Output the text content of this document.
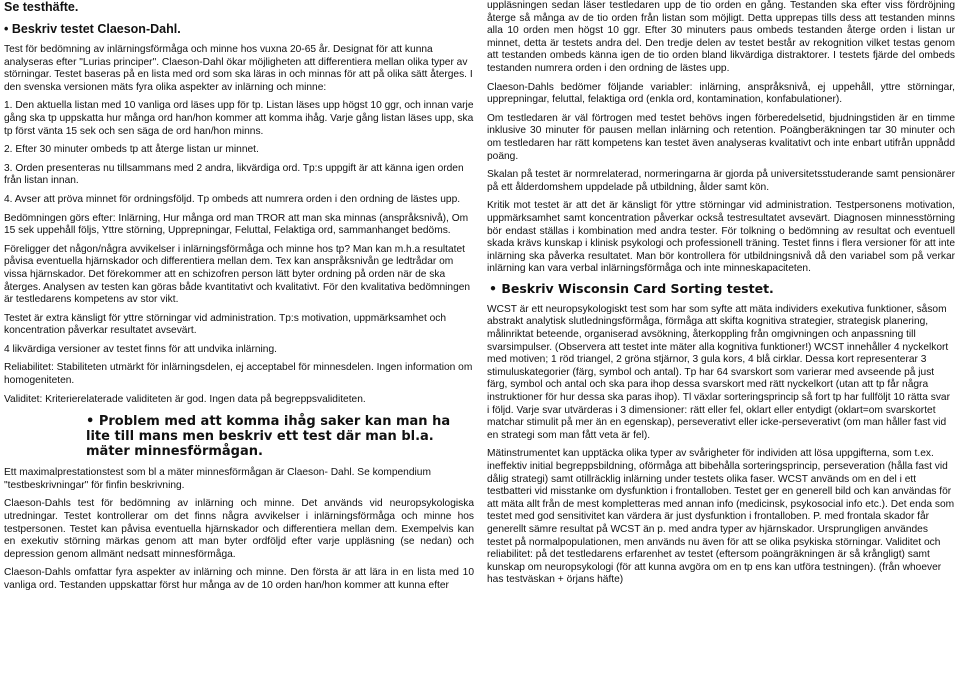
Se testhäfte.

• Beskriv testet Claeson-Dahl.

Test för bedömning av inlärningsförmåga och minne hos vuxna 20-65 år. Designat för att kunna analyseras efter "Lurias principer". Claeson-Dahl ökar möjligheten att differentiera mellan olika typer av störningar. Testet baseras på en lista med ord som ska läras in och minnas för att på olika sätt återges. I den svenska versionen mäts fyra olika aspekter av inlärning och minne:

1. Den aktuella listan med 10 vanliga ord läses upp för tp. Listan läses upp högst 10 ggr, och innan varje gång ska tp uppskatta hur många ord han/hon kommer att komma ihåg. Varje gång listan läses upp, ska tp först vänta 15 sek och sen säga de ord han/hon minns.

2. Efter 30 minuter ombeds tp att återge listan ur minnet.

3. Orden presenteras nu tillsammans med 2 andra, likvärdiga ord. Tp:s uppgift är att känna igen orden från listan innan.

4. Avser att pröva minnet för ordningsföljd. Tp ombeds att numrera orden i den ordning de lästes upp.

Bedömningen görs efter: Inlärning, Hur många ord man TROR att man ska minnas (anspråksnivå), Om 15 sek uppehåll följs, Yttre störning, Upprepningar, Feluttal, Felaktiga ord, sammanhanget bedöms.

Föreligger det någon/några avvikelser i inlärningsförmåga och minne hos tp? Man kan m.h.a resultatet påvisa eventuella hjärnskador och differentiera mellan dem. Tex kan anspråksnivån ge ledtrådar om vissa hjärnskador. Det förekommer att en schizofren person lätt byter ordning på orden när de ska återges. Analysen av testen kan göras både kvantitativt och kvalitativt. För den kvalitativa bedömningen är testledarens kompetens av stor vikt.

Testet är extra känsligt för yttre störningar vid administration. Tp:s motivation, uppmärksamhet och koncentration påverkar resultatet avsevärt.

4 likvärdiga versioner av testet finns för att undvika inlärning.

Reliabilitet: Stabiliteten utmärkt för inlärningsdelen, ej acceptabel för minnesdelen. Ingen information om homogeniteten.

Validitet: Kriterierelaterade validiteten är god. Ingen data på begreppsvaliditeten.

• Problem med att komma ihåg saker kan man ha lite till mans men beskriv ett test där man bl.a. mäter minnesförmågan.

Ett maximalprestationstest som bl a mäter minnesförmågan är Claeson- Dahl. Se kompendium "testbeskrivningar" för finfin beskrivning.

Claeson-Dahls test för bedömning av inlärning och minne. Det används vid neuropsykologiska utredningar. Testet kontrollerar om det finns några avvikelser i inlärningsförmåga och minne hos testpersonen. Testet kan påvisa eventuella hjärnskador och differentiera mellan dem. Exempelvis kan en exekutiv störning märkas genom att man byter ordföljd efter varje uppläsning (se nedan) och depression genom allmänt nedsatt minnesförmåga.

Claeson-Dahls omfattar fyra aspekter av inlärning och minne. Den första är att lära in en lista med 10 vanliga ord. Testanden uppskattar först hur många av de 10 orden han/hon kommer att kunna efter

uppläsningen sedan läser testledaren upp de tio orden en gång. Testanden ska efter viss fördröjning återge så många av de tio orden från listan som möjligt. Detta upprepas tills dess att testanden minns alla 10 orden men högst 10 ggr. Efter 30 minuters paus ombeds testanden återge orden i listan ur minnet, detta är testets andra del. Den tredje delen av testet består av rekognition vilket testas genom att testanden ombeds känna igen de tio orden bland likvärdiga distraktorer. I testets fjärde del ombeds testanden numrera orden i den ordning de lästes upp.

Claeson-Dahls bedömer följande variabler: inlärning, anspråksnivå, ej uppehåll, yttre störningar, upprepningar, feluttal, felaktiga ord (enkla ord, kontamination, konfabulationer).

Om testledaren är väl förtrogen med testet behövs ingen förberedelsetid, bjudningstiden är en timme inklusive 30 minuter för pausen mellan inlärning och retention. Poängberäkningen tar 30 minuter och om testledaren har rätt kompetens kan testet även analyseras kvalitativt och inte enbart utifrån uppnådd poäng.

Skalan på testet är normrelaterad, normeringarna är gjorda på universitetsstuderande samt pensionärer på ett ålderdomshem uppdelade på utbildning, ålder samt kön.

Kritik mot testet är att det är känsligt för yttre störningar vid administration. Testpersonens motivation, uppmärksamhet samt koncentration påverkar också testresultatet avsevärt. Diagnosen minnesstörning bör endast ställas i kombination med andra tester. För tolkning o bedömning av resultat och eventuell skada krävs kunskap i klinisk psykologi och professionell träning. Testet finns i flera versioner för att inte inlärning ska påverka resultatet. Man bör kontrollera för utbildningsnivå då den variabel som på verkar inlärning kan vara verbal inlärningsförmåga och inte minneskapaciteten.

• Beskriv Wisconsin Card Sorting testet.

WCST är ett neuropsykologiskt test som har som syfte att mäta individers exekutiva funktioner, såsom abstrakt analytisk slutledningsförmåga, förmåga att skifta kognitiva strategier, strategisk planering, målinriktat beteende, organiserad avsökning, återkoppling från omgivningen och anpassning till svarsimpulser. (Observera att testet inte mäter alla kognitiva funktioner!) WCST innehåller 4 nyckelkort med motiven; 1 röd triangel, 2 gröna stjärnor, 3 gula kors, 4 blå cirklar. Dessa kort representerar 3 stimuluskategorier (färg, symbol och antal). Tp har 64 svarskort som varierar med avseende på just färg, symbol och antal och ska para ihop dessa svarskort med rätt nyckelkort (utan att tp får några instruktioner för hur dessa ska paras ihop). Tl växlar sorteringsprincip så fort tp har fullföljt 10 rätta svar i följd. Varje svar utvärderas i 3 dimensioner: rätt eller fel, oklart eller entydigt (oklart=om svarskortet matchar stimulit på mer än en egenskap), perseverativt eller icke-perseverativt (om man håller fast vid en strategi som man fått veta är fel).

Mätinstrumentet kan upptäcka olika typer av svårigheter för individen att lösa uppgifterna, som t.ex. ineffektiv initial begreppsbildning, oförmåga att bibehålla sorteringsprincip, perseveration (hålla fast vid dålig strategi) samt otillräcklig inlärning under testets olika faser. WCST används om en del i ett testbatteri vid misstanke om dysfunktion i frontalloben. Testet ger en generell bild och kan användas för att mäta allt från de mest kompletteras med annan info (medicinsk, psykosocial info etc.). Det enda som testet med god sensitivitet kan värdera är just dysfunktion i frontalloben. P. med frontala skador får generellt sämre resultat på WCST än p. med andra typer av hjärnskador. Ursprungligen användes testet på normalpopulationen, men används nu även för att se olika psykiska störningar. Validitet och reliabilitet: på det testledarens erfarenhet av testet (eftersom poängräkningen är så krångligt) samt kunskap om neuropsykologi (för att kunna avgöra om en tp ens kan utföra testningen). (från whoever has testväskan + örjans häfte)
